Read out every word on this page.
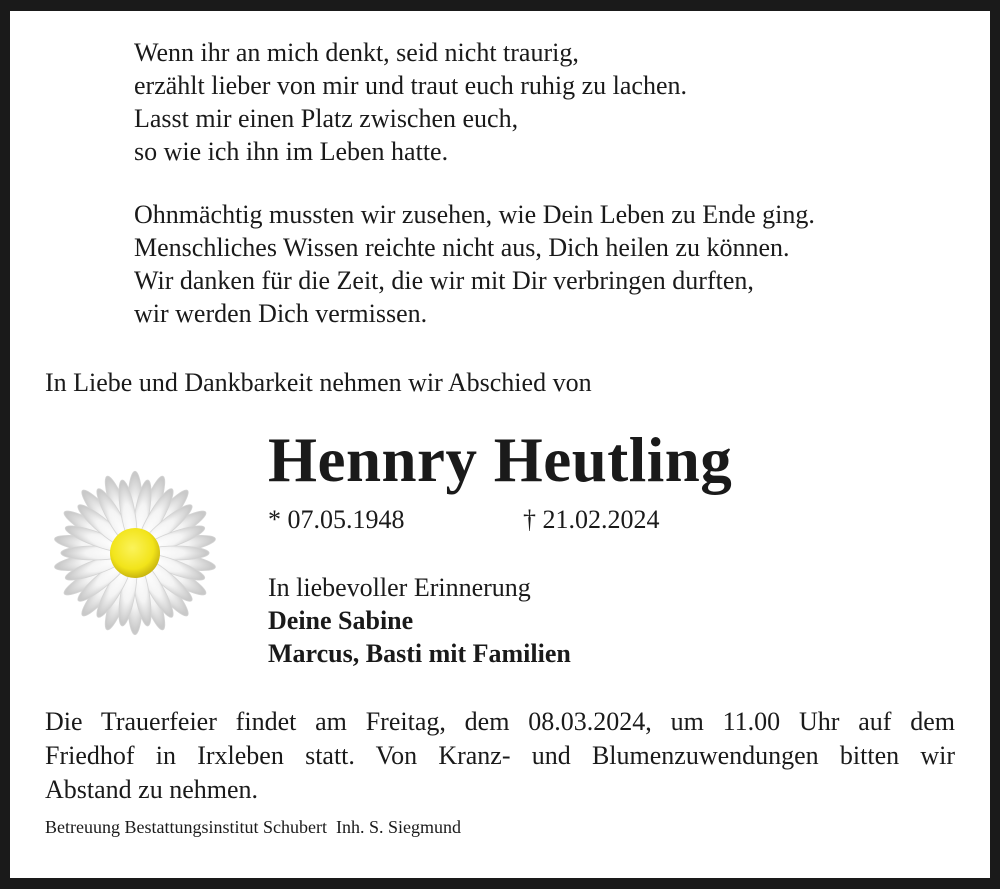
Wenn ihr an mich denkt, seid nicht traurig,
erzählt lieber von mir und traut euch ruhig zu lachen.
Lasst mir einen Platz zwischen euch,
so wie ich ihn im Leben hatte.
Ohnmächtig mussten wir zusehen, wie Dein Leben zu Ende ging.
Menschliches Wissen reichte nicht aus, Dich heilen zu können.
Wir danken für die Zeit, die wir mit Dir verbringen durften,
wir werden Dich vermissen.
In Liebe und Dankbarkeit nehmen wir Abschied von
Hennry Heutling
* 07.05.1948	† 21.02.2024
In liebevoller Erinnerung
Deine Sabine
Marcus, Basti mit Familien
Die Trauerfeier findet am Freitag, dem 08.03.2024, um 11.00 Uhr auf dem
Friedhof in Irxleben statt. Von Kranz- und Blumenzuwendungen bitten wir
Abstand zu nehmen.
Betreuung Bestattungsinstitut Schubert  Inh. S. Siegmund
